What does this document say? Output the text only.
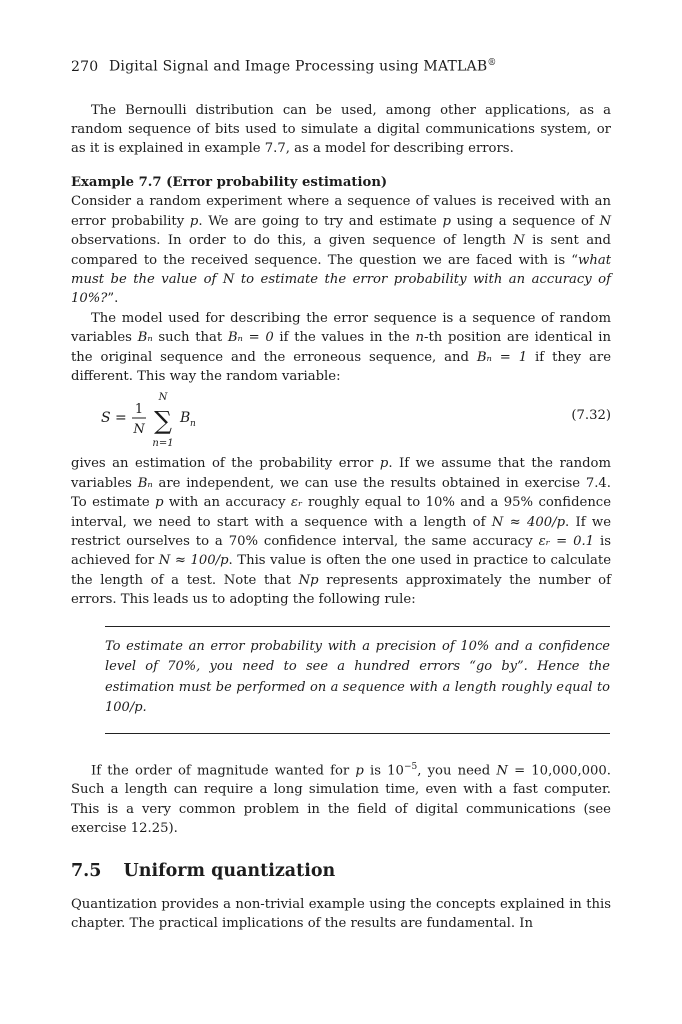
270 Digital Signal and Image Processing using MATLAB®

The Bernoulli distribution can be used, among other applications, as a random sequence of bits used to simulate a digital communications system, or as it is explained in example 7.7, as a model for describing errors.

Example 7.7 (Error probability estimation)

Consider a random experiment where a sequence of values is received with an error probability p. We are going to try and estimate p using a sequence of N observations. In order to do this, a given sequence of length N is sent and compared to the received sequence. The question we are faced with is “what must be the value of N to estimate the error probability with an accuracy of 10%?”.

The model used for describing the error sequence is a sequence of random variables Bₙ such that Bₙ = 0 if the values in the n-th position are identical in the original sequence and the erroneous sequence, and Bₙ = 1 if they are different. This way the random variable:

S =
1
N
N
∑
n=1
B n
(7.32)

gives an estimation of the probability error p. If we assume that the random variables Bₙ are independent, we can use the results obtained in exercise 7.4. To estimate p with an accuracy εᵣ roughly equal to 10% and a 95% confidence interval, we need to start with a sequence with a length of N ≈ 400/p. If we restrict ourselves to a 70% confidence interval, the same accuracy εᵣ = 0.1 is achieved for N ≈ 100/p. This value is often the one used in practice to calculate the length of a test. Note that Np represents approximately the number of errors. This leads us to adopting the following rule:

To estimate an error probability with a precision of 10% and a confidence level of 70%, you need to see a hundred errors “go by”. Hence the estimation must be performed on a sequence with a length roughly equal to 100/p.

If the order of magnitude wanted for p is $10^{-5}$, you need N = 10,000,000. Such a length can require a long simulation time, even with a fast computer. This is a very common problem in the field of digital communications (see exercise 12.25).

7.5 Uniform quantization

Quantization provides a non-trivial example using the concepts explained in this chapter. The practical implications of the results are fundamental. In
